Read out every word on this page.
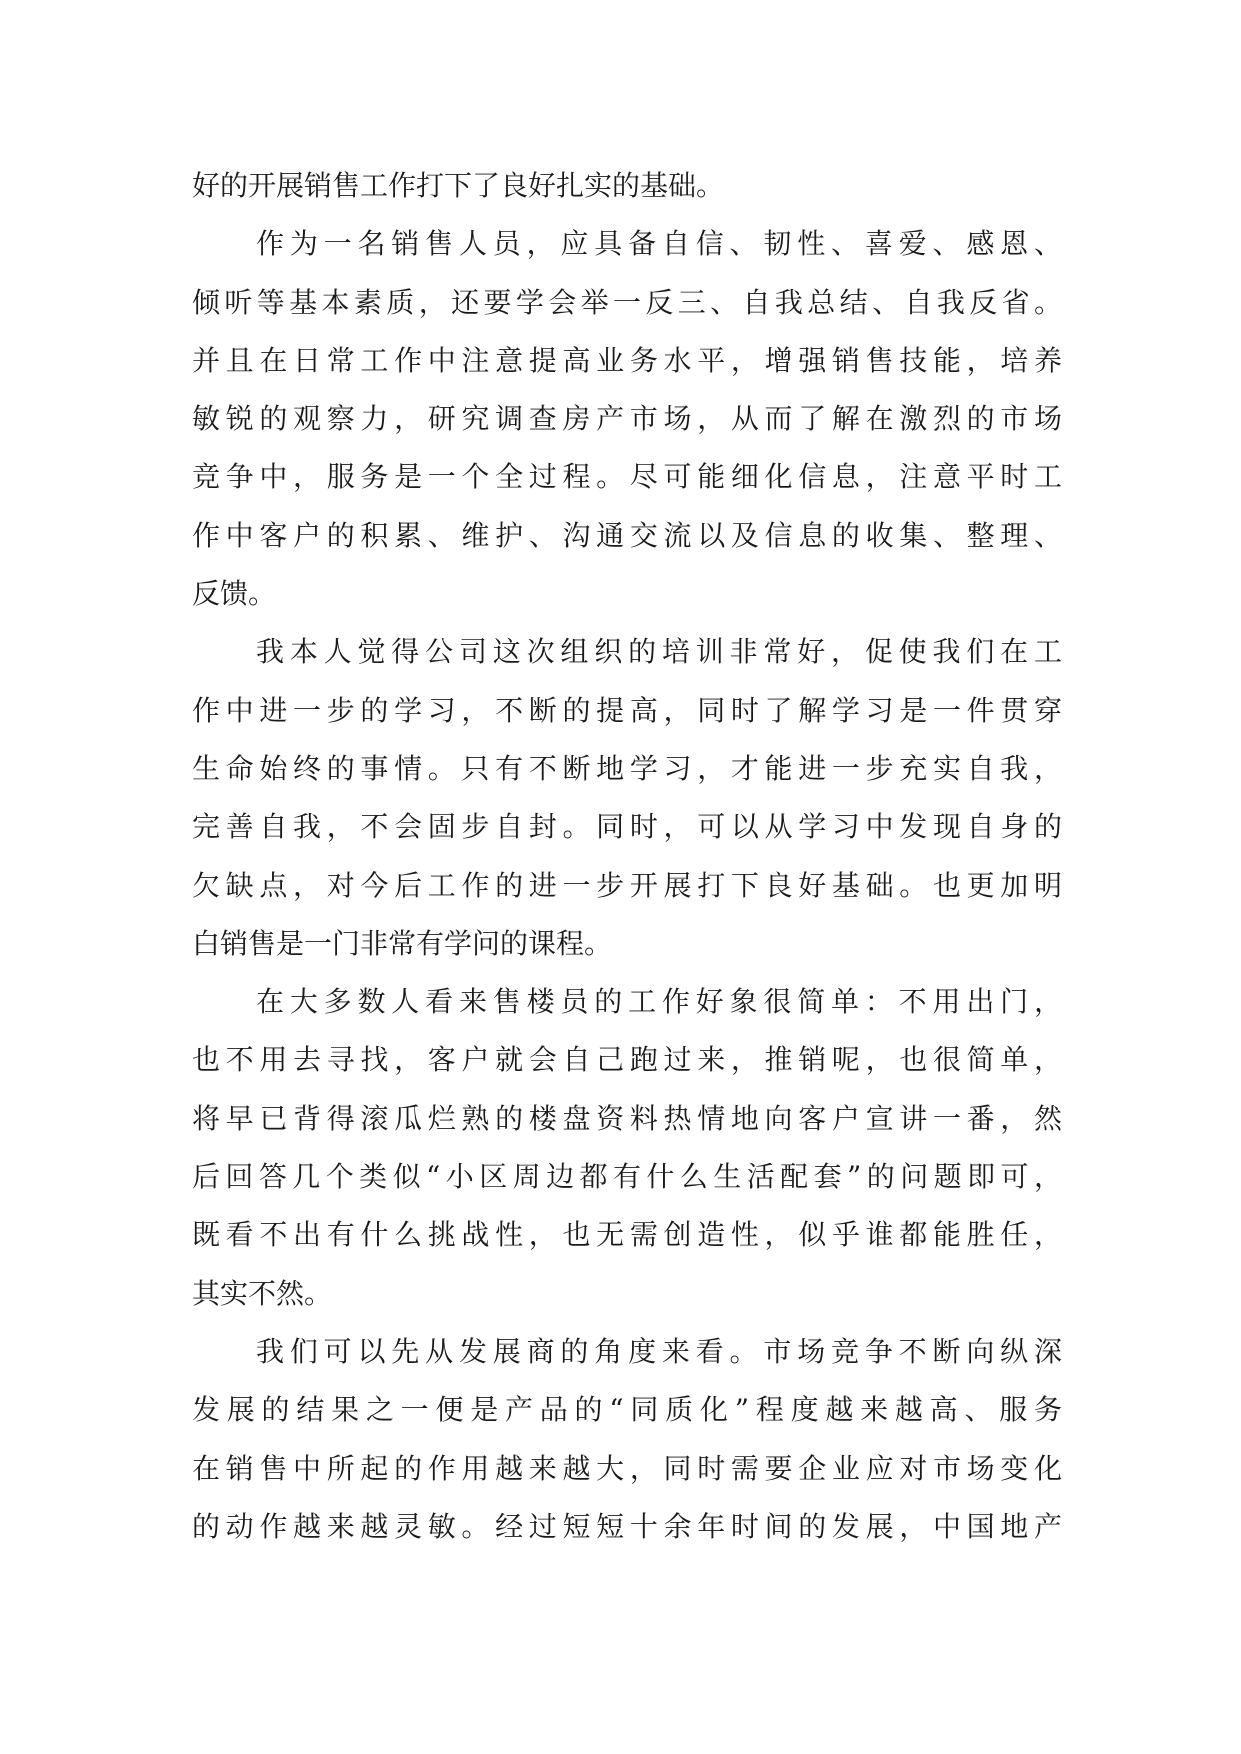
好的开展销售工作打下了良好扎实的基础。
作为一名销售人员，应具备自信、韧性、喜爱、感恩、
倾听等基本素质，还要学会举一反三、自我总结、自我反省。
并且在日常工作中注意提高业务水平，增强销售技能，培养
敏锐的观察力，研究调查房产市场，从而了解在激烈的市场
竞争中，服务是一个全过程。尽可能细化信息，注意平时工
作中客户的积累、维护、沟通交流以及信息的收集、整理、
反馈。
我本人觉得公司这次组织的培训非常好，促使我们在工
作中进一步的学习，不断的提高，同时了解学习是一件贯穿
生命始终的事情。只有不断地学习，才能进一步充实自我，
完善自我，不会固步自封。同时，可以从学习中发现自身的
欠缺点，对今后工作的进一步开展打下良好基础。也更加明
白销售是一门非常有学问的课程。
在大多数人看来售楼员的工作好象很简单：不用出门，
也不用去寻找，客户就会自己跑过来，推销呢，也很简单，
将早已背得滚瓜烂熟的楼盘资料热情地向客户宣讲一番，然
后回答几个类似“小区周边都有什么生活配套”的问题即可，
既看不出有什么挑战性，也无需创造性，似乎谁都能胜任，
其实不然。
我们可以先从发展商的角度来看。市场竞争不断向纵深
发展的结果之一便是产品的“同质化”程度越来越高、服务
在销售中所起的作用越来越大，同时需要企业应对市场变化
的动作越来越灵敏。经过短短十余年时间的发展，中国地产
